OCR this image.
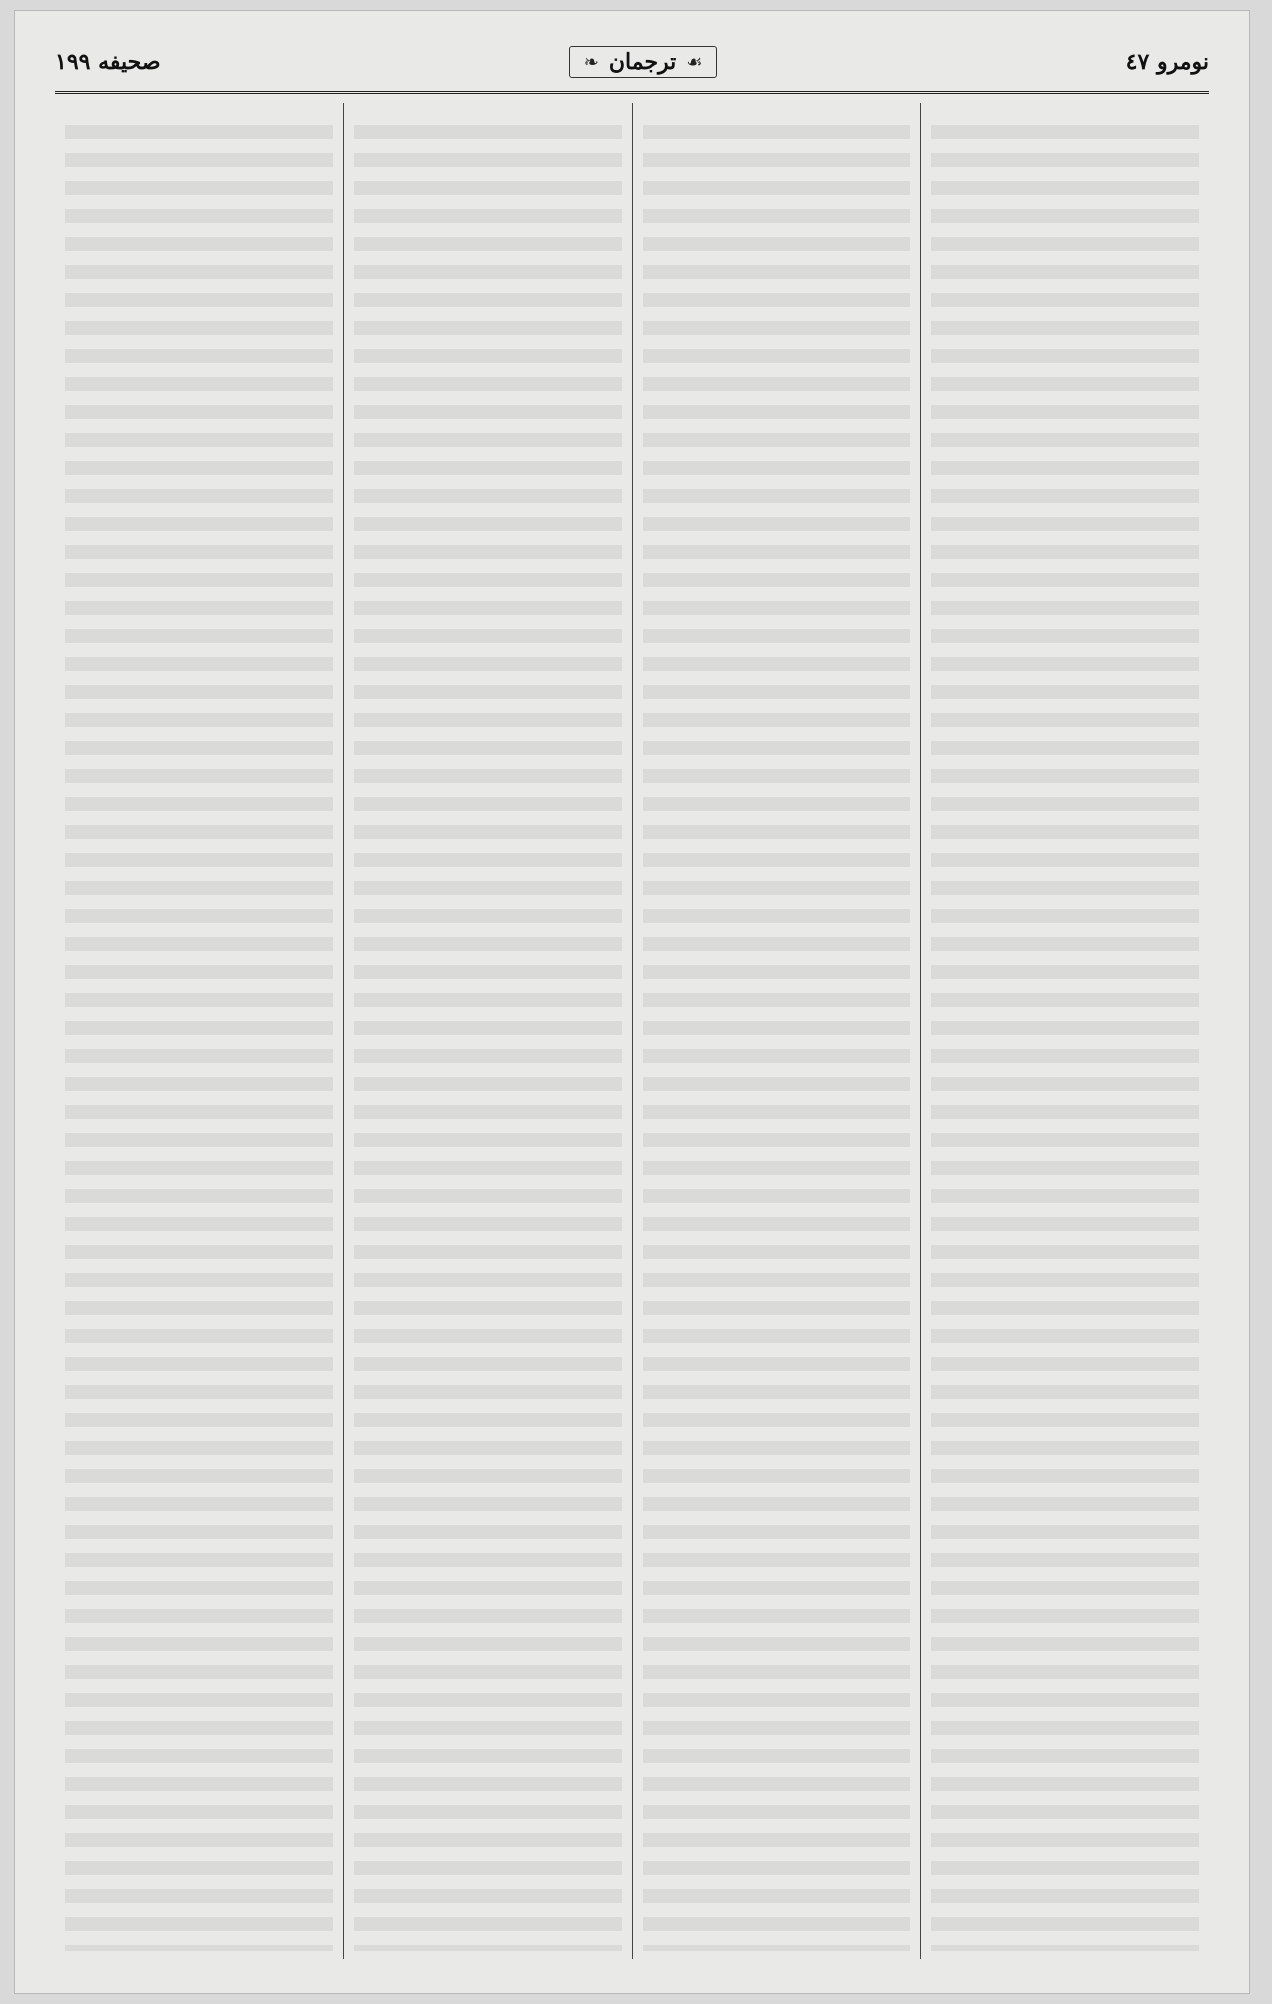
نومرو ٤٧
☙
ترجمان
❧
صحيفه ١٩٩
